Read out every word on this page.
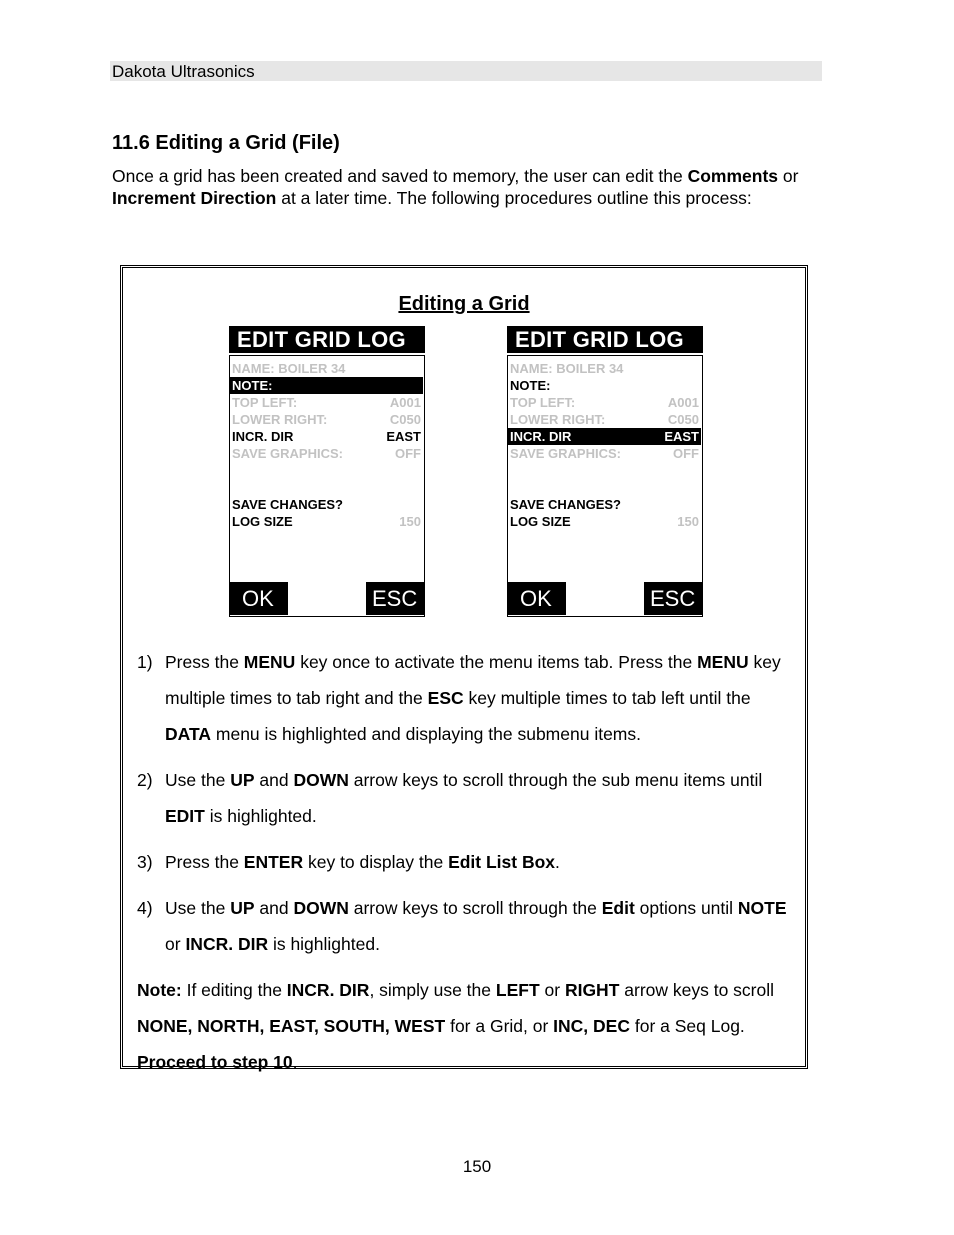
Dakota Ultrasonics
11.6 Editing a Grid (File)
Once a grid has been created and saved to memory, the user can edit the Comments or Increment Direction at a later time. The following procedures outline this process:
Editing a Grid
EDIT GRID LOG
NAME: BOILER 34
NOTE:
TOP LEFT:	A001
LOWER RIGHT:	C050
INCR. DIR	EAST
SAVE GRAPHICS:	OFF
SAVE CHANGES?
LOG SIZE	150
OK	ESC
EDIT GRID LOG
NAME: BOILER 34
NOTE:
TOP LEFT:	A001
LOWER RIGHT:	C050
INCR. DIR	EAST
SAVE GRAPHICS:	OFF
SAVE CHANGES?
LOG SIZE	150
OK	ESC
1) Press the MENU key once to activate the menu items tab. Press the MENU key multiple times to tab right and the ESC key multiple times to tab left until the DATA menu is highlighted and displaying the submenu items.
2) Use the UP and DOWN arrow keys to scroll through the sub menu items until EDIT is highlighted.
3) Press the ENTER key to display the Edit List Box.
4) Use the UP and DOWN arrow keys to scroll through the Edit options until NOTE or INCR. DIR is highlighted.
Note: If editing the INCR. DIR, simply use the LEFT or RIGHT arrow keys to scroll NONE, NORTH, EAST, SOUTH, WEST for a Grid, or INC, DEC for a Seq Log. Proceed to step 10.
150
